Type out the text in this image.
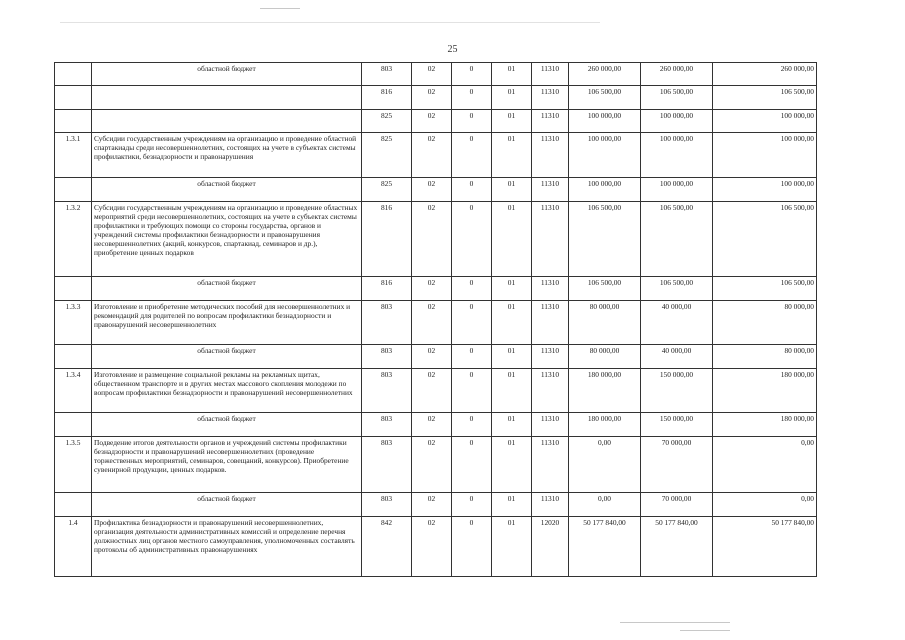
25
	областной бюджет	803	02	0	01	11310	260 000,00	260 000,00	260 000,00
		816	02	0	01	11310	106 500,00	106 500,00	106 500,00
		825	02	0	01	11310	100 000,00	100 000,00	100 000,00
1.3.1	Субсидии государственным учреждениям на организацию и проведение областной спартакиады среди несовершеннолетних, состоящих на учете в субъектах системы профилактики, безнадзорности и правонарушения	825	02	0	01	11310	100 000,00	100 000,00	100 000,00
	областной бюджет	825	02	0	01	11310	100 000,00	100 000,00	100 000,00
1.3.2	Субсидии государственным учреждениям на организацию и проведение областных мероприятий среди несовершеннолетних, состоящих на учете в субъектах системы профилактики и требующих помощи со стороны государства, органов и учреждений системы профилактики безнадзорности и правонарушения несовершеннолетних (акций, конкурсов, спартакиад, семинаров и др.), приобретение ценных подарков	816	02	0	01	11310	106 500,00	106 500,00	106 500,00
	областной бюджет	816	02	0	01	11310	106 500,00	106 500,00	106 500,00
1.3.3	Изготовление и приобретение методических пособий для несовершеннолетних и рекомендаций для родителей по вопросам профилактики безнадзорности и правонарушений несовершеннолетних	803	02	0	01	11310	80 000,00	40 000,00	80 000,00
	областной бюджет	803	02	0	01	11310	80 000,00	40 000,00	80 000,00
1.3.4	Изготовление и размещение социальной рекламы на рекламных щитах, общественном транспорте и в других местах массового скопления молодежи по вопросам профилактики безнадзорности и правонарушений несовершеннолетних	803	02	0	01	11310	180 000,00	150 000,00	180 000,00
	областной бюджет	803	02	0	01	11310	180 000,00	150 000,00	180 000,00
1.3.5	Подведение итогов деятельности органов и учреждений системы профилактики безнадзорности и правонарушений несовершеннолетних (проведение торжественных мероприятий, семинаров, совещаний, конкурсов). Приобретение сувенирной продукции, ценных подарков.	803	02	0	01	11310	0,00	70 000,00	0,00
	областной бюджет	803	02	0	01	11310	0,00	70 000,00	0,00
1.4	Профилактика безнадзорности и правонарушений несовершеннолетних, организация деятельности административных комиссий и определение перечня должностных лиц органов местного самоуправления, уполномоченных составлять протоколы об административных правонарушениях	842	02	0	01	12020	50 177 840,00	50 177 840,00	50 177 840,00
